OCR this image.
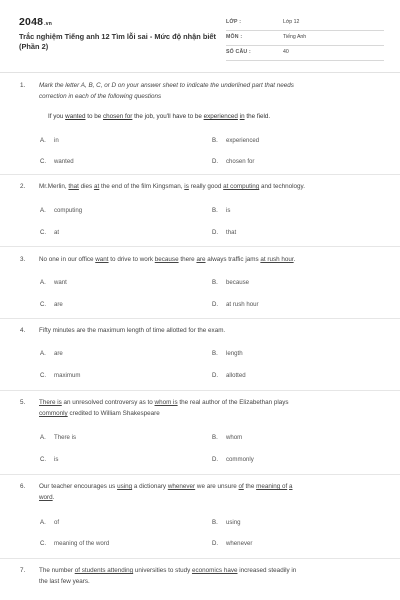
2048.vn
Trắc nghiệm Tiếng anh 12 Tìm lỗi sai - Mức độ nhận biết
(Phần 2)
LỚP :	Lớp 12
MÔN :	Tiếng Anh
SỐ CÂU :	40
1. Mark the letter A, B, C, or D on your answer sheet to indicate the underlined part that needs
correction in each of the following questions
If you wanted to be chosen for the job, you'll have to be experienced in the field.
A. in	B. experienced
C. wanted	D. chosen for
2. Mr.Merlin, that dies at the end of the film Kingsman, is really good at computing and technology.
A. computing	B. is
C. at	D. that
3. No one in our office want to drive to work because there are always traffic jams at rush hour.
A. want	B. because
C. are	D. at rush hour
4. Fifty minutes are the maximum length of time allotted for the exam.
A. are	B. length
C. maximum	D. allotted
5. There is an unresolved controversy as to whom is the real author of the Elizabethan plays
commonly credited to William Shakespeare
A. There is	B. whom
C. is	D. commonly
6. Our teacher encourages us using a dictionary whenever we are unsure of the meaning of a
word.
A. of	B. using
C. meaning of the word	D. whenever
7. The number of students attending universities to study economics have increased steadily in
the last few years.
